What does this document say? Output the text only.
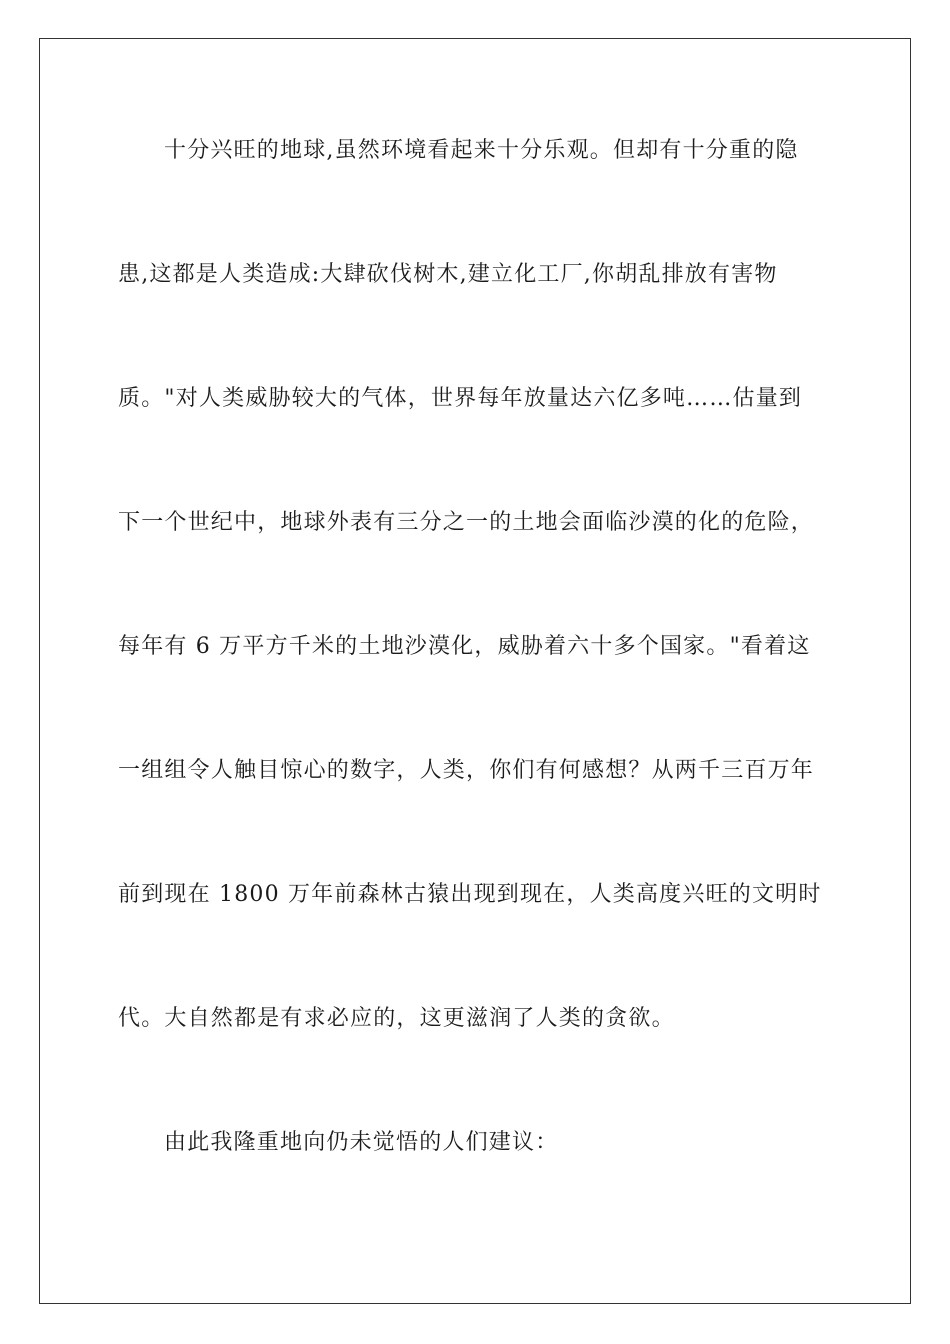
十分兴旺的地球,虽然环境看起来十分乐观。但却有十分重的隐
患,这都是人类造成:大肆砍伐树木,建立化工厂,你胡乱排放有害物
质。"对人类威胁较大的气体，世界每年放量达六亿多吨……估量到
下一个世纪中，地球外表有三分之一的土地会面临沙漠的化的危险，
每年有 6 万平方千米的土地沙漠化，威胁着六十多个国家。"看着这
一组组令人触目惊心的数字，人类，你们有何感想？从两千三百万年
前到现在 1800 万年前森林古猿出现到现在，人类高度兴旺的文明时
代。大自然都是有求必应的，这更滋润了人类的贪欲。
由此我隆重地向仍未觉悟的人们建议：
